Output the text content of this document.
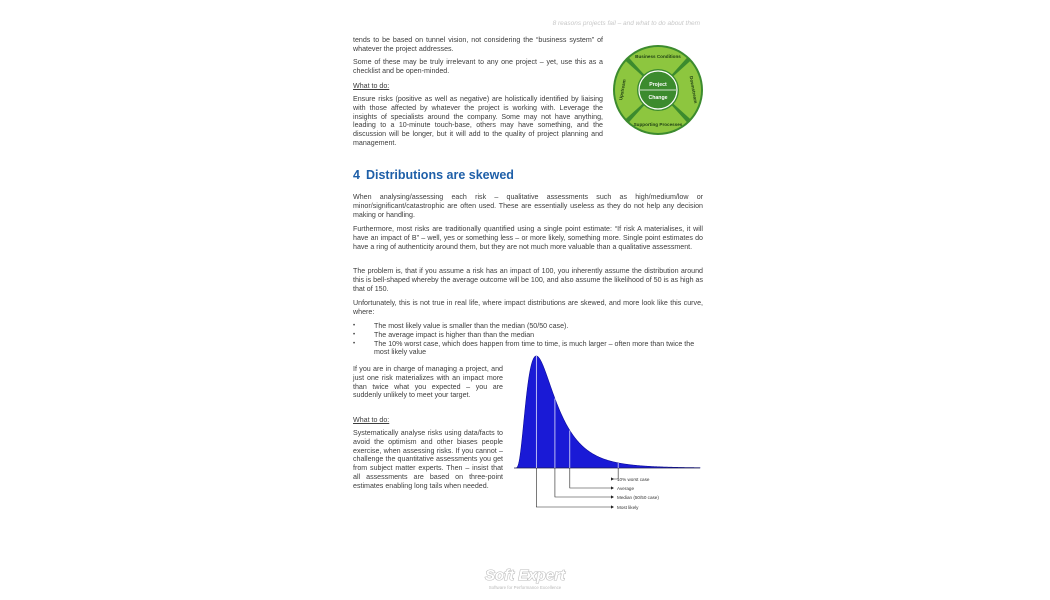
8 reasons projects fail – and what to do about them

tends to be based on tunnel vision, not considering the “business system” of whatever the project addresses.

Some of these may be truly irrelevant to any one project – yet, use this as a checklist and be open-minded.

What to do:

Ensure risks (positive as well as negative) are holistically identified by liaising with those affected by whatever the project is working with. Leverage the insights of specialists around the company. Some may not have anything, leading to a 10-minute touch-base, others may have something, and the discussion will be longer, but it will add to the quality of project planning and management.

Project
Change
Business Conditions
Downstream
Supporting Processes
Upstream
4 Distributions are skewed

When analysing/assessing each risk – qualitative assessments such as high/medium/low or minor/significant/catastrophic are often used. These are essentially useless as they do not help any decision making or handling.

Furthermore, most risks are traditionally quantified using a single point estimate: “If risk A materialises, it will have an impact of B” – well, yes or something less – or more likely, something more. Single point estimates do have a ring of authenticity around them, but they are not much more valuable than a qualitative assessment.

The problem is, that if you assume a risk has an impact of 100, you inherently assume the distribution around this is bell-shaped whereby the average outcome will be 100, and also assume the likelihood of 50 is as high as that of 150.

Unfortunately, this is not true in real life, where impact distributions are skewed, and more look like this curve, where:

• The most likely value is smaller than the median (50/50 case).
• The average impact is higher than than the median
• The 10% worst case, which does happen from time to time, is much larger – often more than twice the most likely value

If you are in charge of managing a project, and just one risk materializes with an impact more than twice what you expected – you are suddenly unlikely to meet your target.

What to do:

Systematically analyse risks using data/facts to avoid the optimism and other biases people exercise, when assessing risks. If you cannot – challenge the quantitative assessments you get from subject matter experts. Then – insist that all assessments are based on three-point estimates enabling long tails when needed.

10% worst case
Average
Median (50/50 case)
Most likely
Soft Expert
Software for Performance Excellence
